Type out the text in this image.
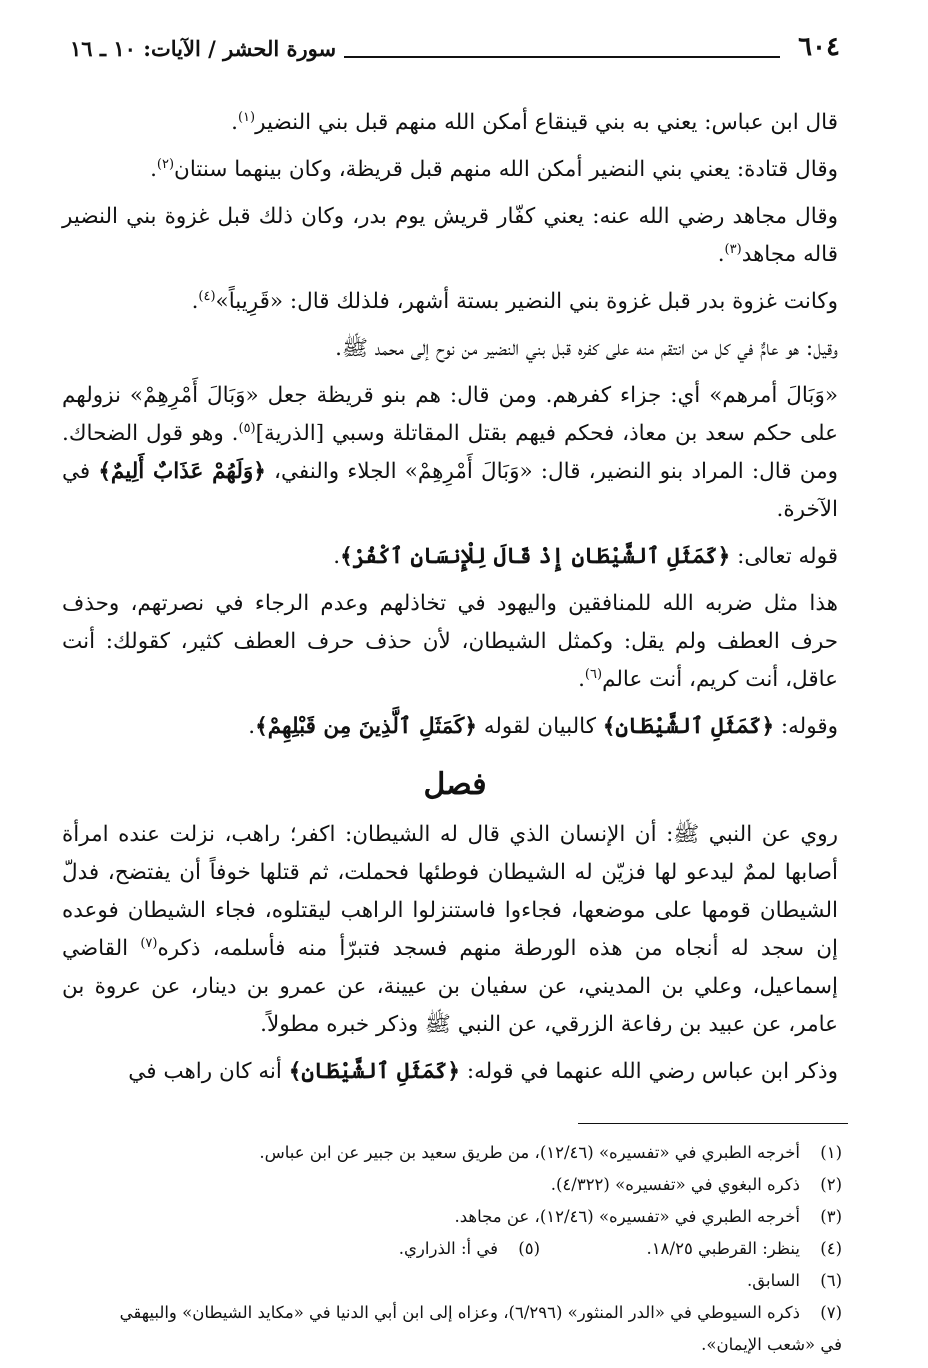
٦٠٤
سورة الحشر / الآيات: ١٠ ـ ١٦

قال ابن عباس: يعني به بني قينقاع أمكن الله منهم قبل بني النضير$^{(١)}$.

وقال قتادة: يعني بني النضير أمكن الله منهم قبل قريظة، وكان بينهما سنتان$^{(٢)}$.

وقال مجاهد رضي الله عنه: يعني كفّار قريش يوم بدر، وكان ذلك قبل غزوة بني النضير قاله مجاهد$^{(٣)}$.

وكانت غزوة بدر قبل غزوة بني النضير بستة أشهر، فلذلك قال: «قَرِيباً»$^{(٤)}$.

وقيل: هو عامٌّ في كل من انتقم منه على كفره قبل بني النضير من نوح إلى محمد ﷺ.

«وَبَالَ أمرهم» أي: جزاء كفرهم. ومن قال: هم بنو قريظة جعل «وَبَالَ أَمْرِهِمْ» نزولهم على حكم سعد بن معاذ، فحكم فيهم بقتل المقاتلة وسبي [الذرية]$^{(٥)}$. وهو قول الضحاك. ومن قال: المراد بنو النضير، قال: «وَبَالَ أَمْرِهِمْ» الجلاء والنفي، ﴿وَلَهُمْ عَذَابٌ أَلِيمٌ﴾ في الآخرة.

قوله تعالى: ﴿كَمَثَلِ ٱلشَّيْطَانِ إِذْ قَالَ لِلْإِنسَانِ ٱكْفُرْ﴾.

هذا مثل ضربه الله للمنافقين واليهود في تخاذلهم وعدم الرجاء في نصرتهم، وحذف حرف العطف ولم يقل: وكمثل الشيطان، لأن حذف حرف العطف كثير، كقولك: أنت عاقل، أنت كريم، أنت عالم$^{(٦)}$.

وقوله: ﴿كَمَثَلِ ٱلشَّيْطَانِ﴾ كالبيان لقوله ﴿كَمَثَلِ ٱلَّذِينَ مِن قَبْلِهِمْ﴾.

فصل

روي عن النبي ﷺ: أن الإنسان الذي قال له الشيطان: اكفر؛ راهب، نزلت عنده امرأة أصابها لممٌ ليدعو لها فزيّن له الشيطان فوطئها فحملت، ثم قتلها خوفاً أن يفتضح، فدلّ الشيطان قومها على موضعها، فجاءوا فاستنزلوا الراهب ليقتلوه، فجاء الشيطان فوعده إن سجد له أنجاه من هذه الورطة منهم فسجد فتبرّأ منه فأسلمه، ذكره$^{(٧)}$ القاضي إسماعيل، وعلي بن المديني، عن سفيان بن عيينة، عن عمرو بن دينار، عن عروة بن عامر، عن عبيد بن رفاعة الزرقي، عن النبي ﷺ وذكر خبره مطولاً.

وذكر ابن عباس رضي الله عنهما في قوله: ﴿كَمَثَلِ ٱلشَّيْطَانِ﴾ أنه كان راهب في

(١)أخرجه الطبري في «تفسيره» (١٢/٤٦)، من طريق سعيد بن جبير عن ابن عباس.

(٢)ذكره البغوي في «تفسيره» (٤/٣٢٢).

(٣)أخرجه الطبري في «تفسيره» (١٢/٤٦)، عن مجاهد.

(٤)ينظر: القرطبي ١٨/٢٥.(٥)في أ: الذراري.

(٦)السابق.

(٧)ذكره السيوطي في «الدر المنثور» (٦/٢٩٦)، وعزاه إلى ابن أبي الدنيا في «مكايد الشيطان» والبيهقي

في «شعب الإيمان».
